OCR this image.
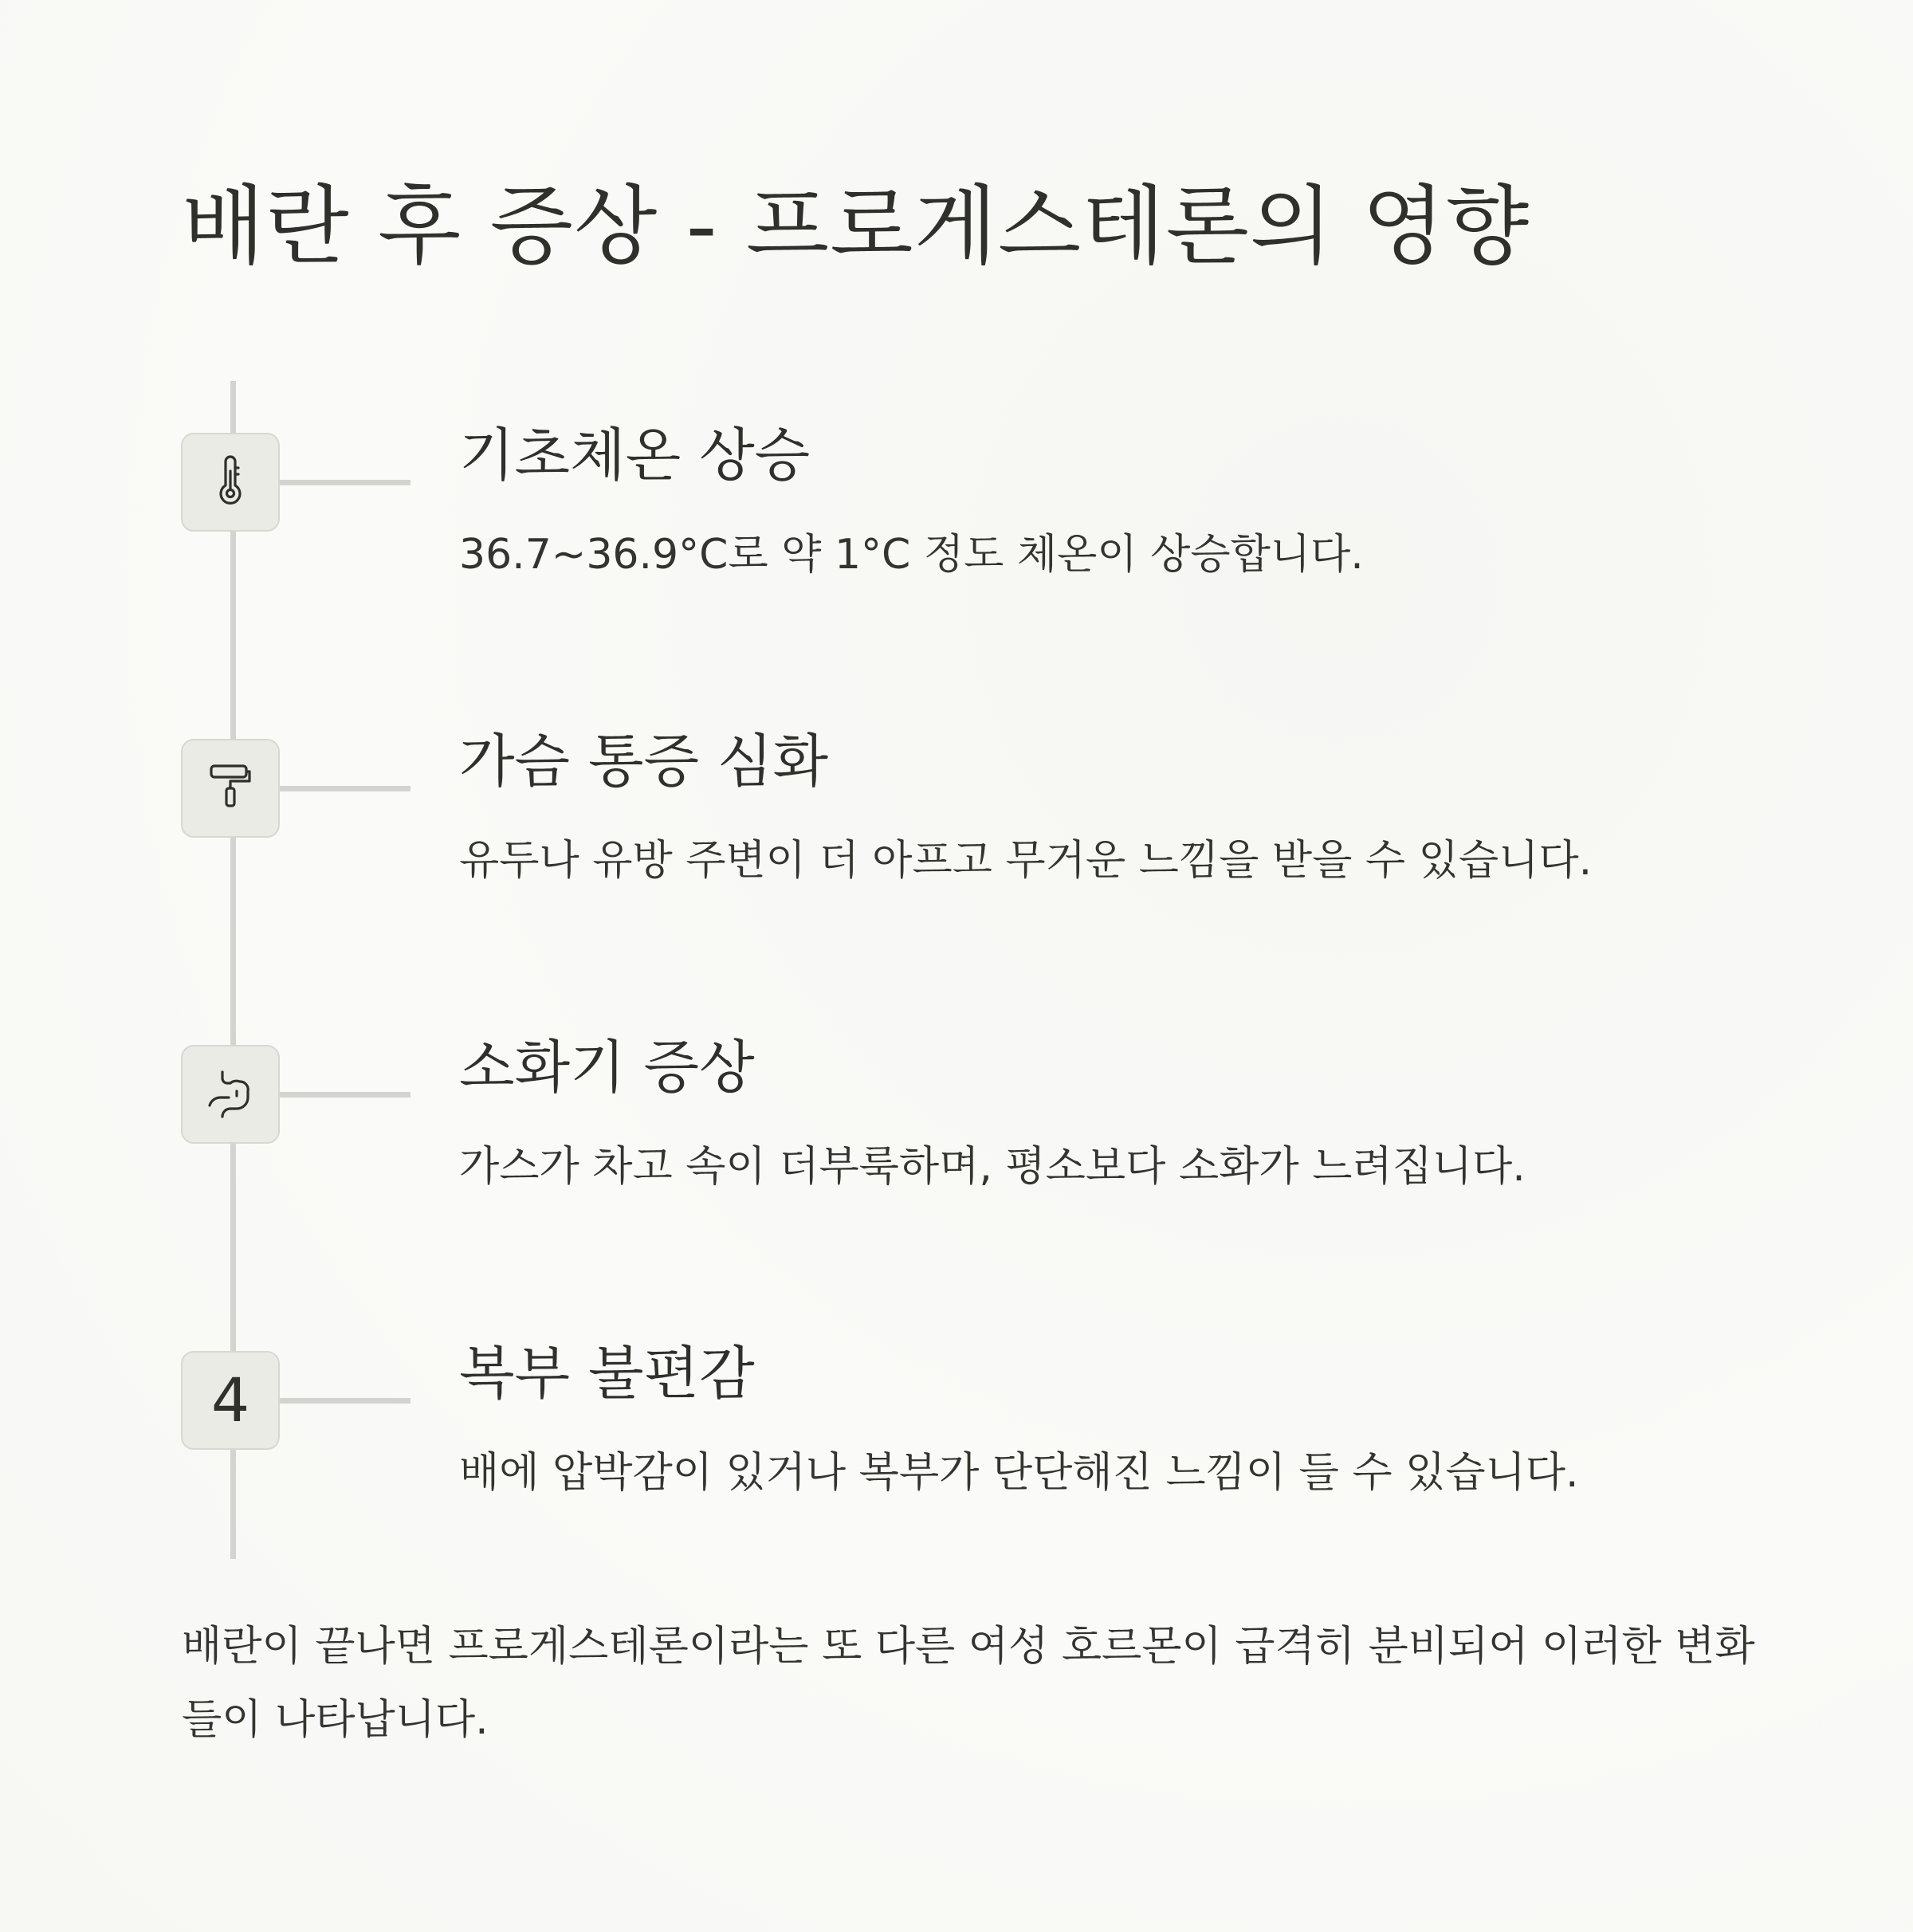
배란 후 증상 - 프로게스테론의 영향
기초체온 상승

36.7~36.9°C로 약 1°C 정도 체온이 상승합니다.

가슴 통증 심화

유두나 유방 주변이 더 아프고 무거운 느낌을 받을 수 있습니다.

소화기 증상

가스가 차고 속이 더부룩하며, 평소보다 소화가 느려집니다.

4	복부 불편감

배에 압박감이 있거나 복부가 단단해진 느낌이 들 수 있습니다.

배란이 끝나면 프로게스테론이라는 또 다른 여성 호르몬이 급격히 분비되어 이러한 변화들이 나타납니다.
